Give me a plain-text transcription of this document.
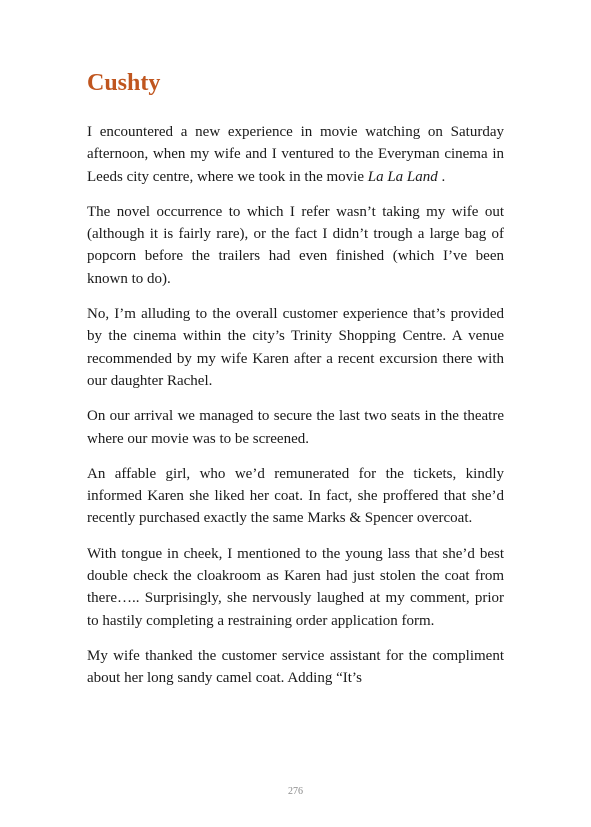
Cushty

I encountered a new experience in movie watching on Saturday afternoon, when my wife and I ventured to the Everyman cinema in Leeds city centre, where we took in the movie La La Land .

The novel occurrence to which I refer wasn’t taking my wife out (although it is fairly rare), or the fact I didn’t trough a large bag of popcorn before the trailers had even finished (which I’ve been known to do).

No, I’m alluding to the overall customer experience that’s provided by the cinema within the city’s Trinity Shopping Centre. A venue recommended by my wife Karen after a recent excursion there with our daughter Rachel.

On our arrival we managed to secure the last two seats in the theatre where our movie was to be screened.

An affable girl, who we’d remunerated for the tickets, kindly informed Karen she liked her coat. In fact, she proffered that she’d recently purchased exactly the same Marks & Spencer overcoat.

With tongue in cheek, I mentioned to the young lass that she’d best double check the cloakroom as Karen had just stolen the coat from there….. Surprisingly, she nervously laughed at my comment, prior to hastily completing a restraining order application form.

My wife thanked the customer service assistant for the compliment about her long sandy camel coat. Adding “It’s

276
